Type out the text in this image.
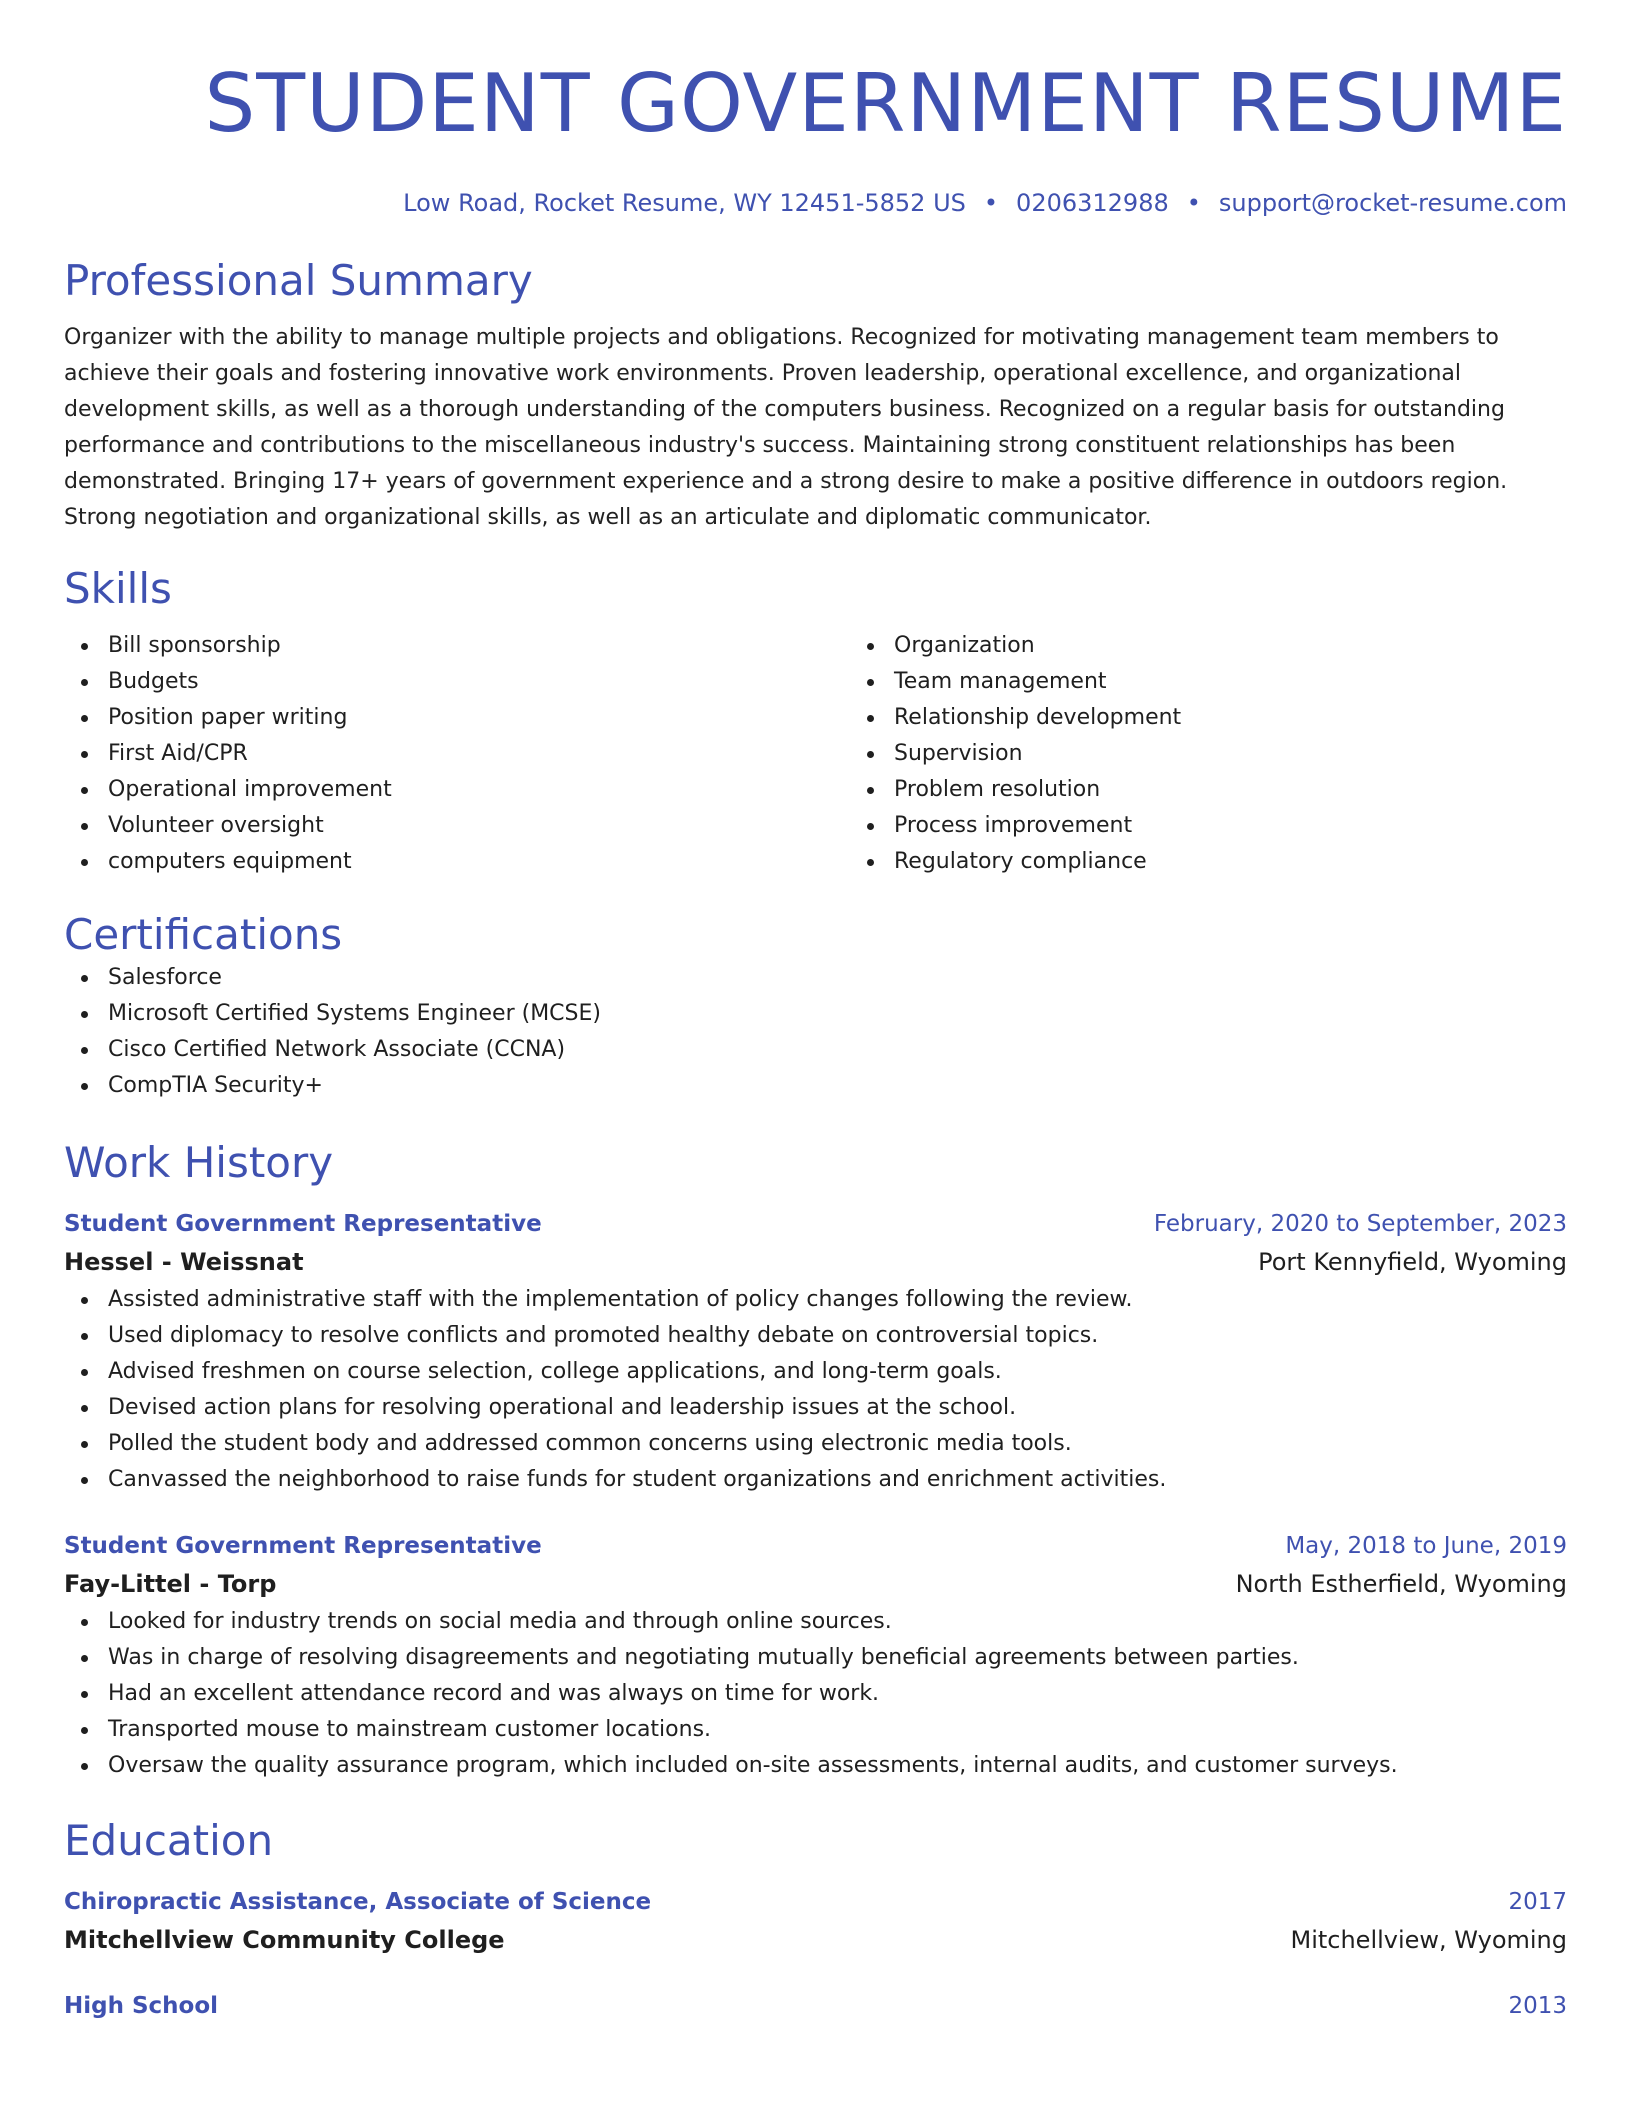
STUDENT GOVERNMENT RESUME
Low Road, Rocket Resume, WY 12451-5852 US • 0206312988 • support@rocket-resume.com
Professional Summary
Organizer with the ability to manage multiple projects and obligations. Recognized for motivating management team members to achieve their goals and fostering innovative work environments. Proven leadership, operational excellence, and organizational development skills, as well as a thorough understanding of the computers business. Recognized on a regular basis for outstanding performance and contributions to the miscellaneous industry's success. Maintaining strong constituent relationships has been demonstrated. Bringing 17+ years of government experience and a strong desire to make a positive difference in outdoors region. Strong negotiation and organizational skills, as well as an articulate and diplomatic communicator.
Skills
Bill sponsorship
Budgets
Position paper writing
First Aid/CPR
Operational improvement
Volunteer oversight
computers equipment
Organization
Team management
Relationship development
Supervision
Problem resolution
Process improvement
Regulatory compliance
Certifications
Salesforce
Microsoft Certified Systems Engineer (MCSE)
Cisco Certified Network Associate (CCNA)
CompTIA Security+
Work History
Student Government Representative	February, 2020 to September, 2023
Hessel - Weissnat	Port Kennyfield, Wyoming
Assisted administrative staff with the implementation of policy changes following the review.
Used diplomacy to resolve conflicts and promoted healthy debate on controversial topics.
Advised freshmen on course selection, college applications, and long-term goals.
Devised action plans for resolving operational and leadership issues at the school.
Polled the student body and addressed common concerns using electronic media tools.
Canvassed the neighborhood to raise funds for student organizations and enrichment activities.
Student Government Representative	May, 2018 to June, 2019
Fay-Littel - Torp	North Estherfield, Wyoming
Looked for industry trends on social media and through online sources.
Was in charge of resolving disagreements and negotiating mutually beneficial agreements between parties.
Had an excellent attendance record and was always on time for work.
Transported mouse to mainstream customer locations.
Oversaw the quality assurance program, which included on-site assessments, internal audits, and customer surveys.
Education
Chiropractic Assistance, Associate of Science	2017
Mitchellview Community College	Mitchellview, Wyoming
High School	2013
